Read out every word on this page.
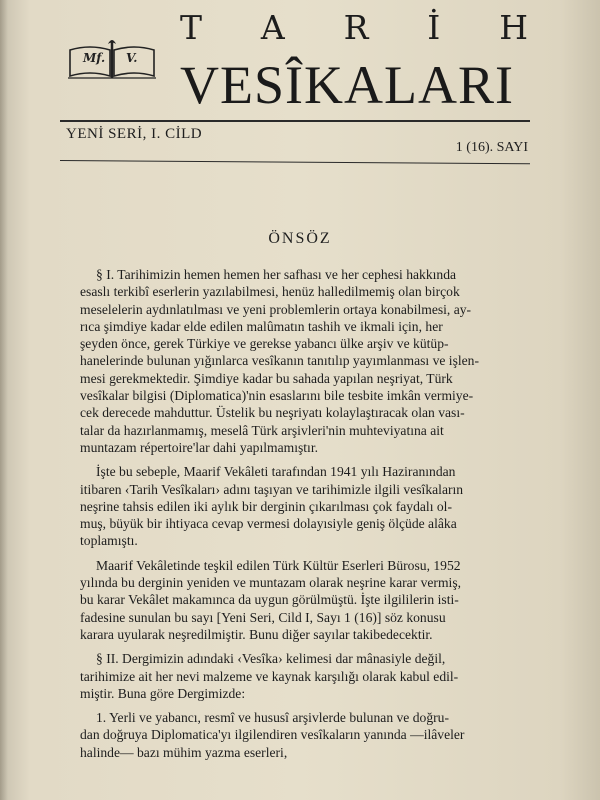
Mf. V.
T A R İ H
VESÎKALARI
YENİ SERİ, I. CİLD
1 (16). SAYI
ÖNSÖZ
§ I. Tarihimizin hemen hemen her safhası ve her cephesi hakkında
esaslı terkibî eserlerin yazılabilmesi, henüz halledilmemiş olan birçok
meselelerin aydınlatılması ve yeni problemlerin ortaya konabilmesi, ay-
rıca şimdiye kadar elde edilen malûmatın tashih ve ikmali için, her
şeyden önce, gerek Türkiye ve gerekse yabancı ülke arşiv ve kütüp-
hanelerinde bulunan yığınlarca vesîkanın tanıtılıp yayımlanması ve işlen-
mesi gerekmektedir. Şimdiye kadar bu sahada yapılan neşriyat, Türk
vesîkalar bilgisi (Diplomatica)'nin esaslarını bile tesbite imkân vermiye-
cek derecede mahduttur. Üstelik bu neşriyatı kolaylaştıracak olan vası-
talar da hazırlanmamış, meselâ Türk arşivleri'nin muhteviyatına ait
muntazam répertoire'lar dahi yapılmamıştır.
İşte bu sebeple, Maarif Vekâleti tarafından 1941 yılı Haziranından
itibaren ‹Tarih Vesîkaları› adını taşıyan ve tarihimizle ilgili vesîkaların
neşrine tahsis edilen iki aylık bir derginin çıkarılması çok faydalı ol-
muş, büyük bir ihtiyaca cevap vermesi dolayısiyle geniş ölçüde alâka
toplamıştı.
Maarif Vekâletinde teşkil edilen Türk Kültür Eserleri Bürosu, 1952
yılında bu derginin yeniden ve muntazam olarak neşrine karar vermiş,
bu karar Vekâlet makamınca da uygun görülmüştü. İşte ilgililerin isti-
fadesine sunulan bu sayı [Yeni Seri, Cild I, Sayı 1 (16)] söz konusu
karara uyularak neşredilmiştir. Bunu diğer sayılar takibedecektir.
§ II. Dergimizin adındaki ‹Vesîka› kelimesi dar mânasiyle değil,
tarihimize ait her nevi malzeme ve kaynak karşılığı olarak kabul edil-
miştir. Buna göre Dergimizde:
1. Yerli ve yabancı, resmî ve hususî arşivlerde bulunan ve doğru-
dan doğruya Diplomatica'yı ilgilendiren vesîkaların yanında —ilâveler
halinde— bazı mühim yazma eserleri,
